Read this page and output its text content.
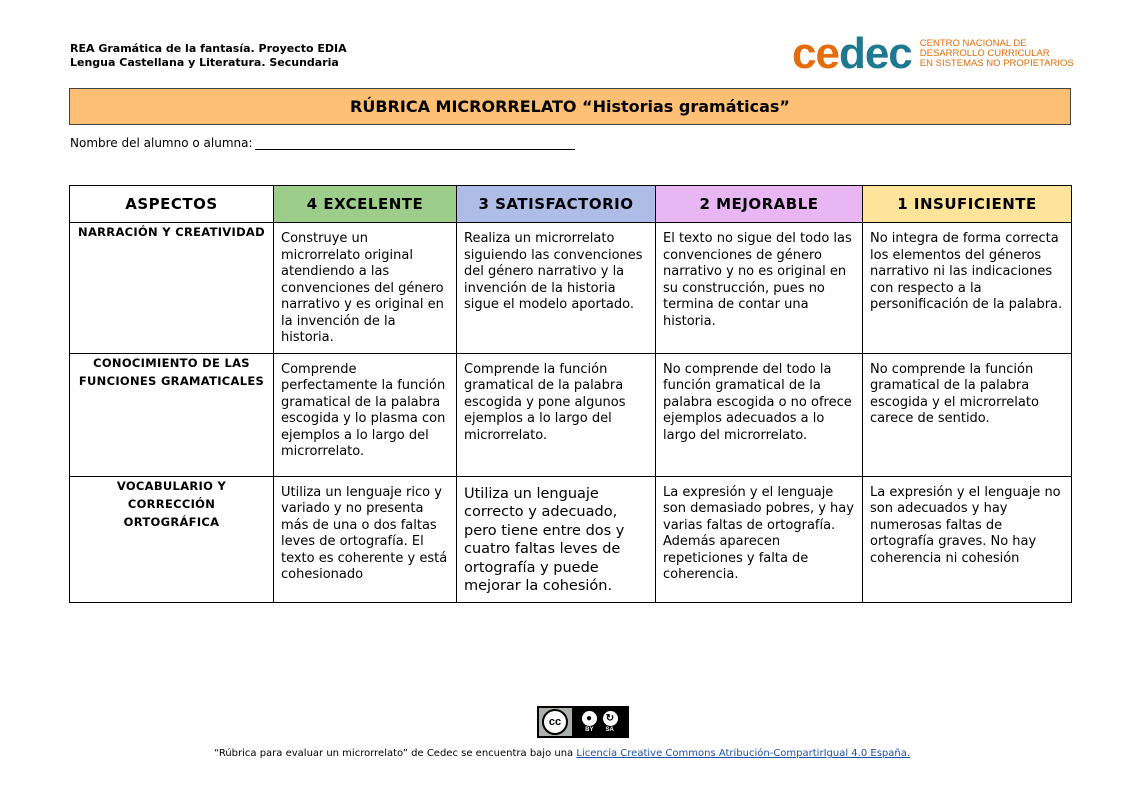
REA Gramática de la fantasía. Proyecto EDIA
Lengua Castellana y Literatura. Secundaria	cedec CENTRO NACIONAL DE
DESARROLLO CURRICULAR
EN SISTEMAS NO PROPIETARIOS
RÚBRICA MICRORRELATO “Historias gramáticas”
Nombre del alumno o alumna:
ASPECTOS	4 EXCELENTE	3 SATISFACTORIO	2 MEJORABLE	1 INSUFICIENTE
NARRACIÓN Y CREATIVIDAD	Construye un microrrelato original atendiendo a las convenciones del género narrativo y es original en la invención de la historia.	Realiza un microrrelato siguiendo las convenciones del género narrativo y la invención de la historia sigue el modelo aportado.	El texto no sigue del todo las convenciones de género narrativo y no es original en su construcción, pues no termina de contar una historia.	No integra de forma correcta los elementos del géneros narrativo ni las indicaciones con respecto a la personificación de la palabra.
CONOCIMIENTO DE LAS FUNCIONES GRAMATICALES	Comprende perfectamente la función gramatical de la palabra escogida y lo plasma con ejemplos a lo largo del microrrelato.	Comprende la función gramatical de la palabra escogida y pone algunos ejemplos a lo largo del microrrelato.	No comprende del todo la función gramatical de la palabra escogida o no ofrece ejemplos adecuados a lo largo del microrrelato.	No comprende la función gramatical de la palabra escogida y el microrrelato carece de sentido.
VOCABULARIO Y CORRECCIÓN ORTOGRÁFICA	Utiliza un lenguaje rico y variado y no presenta más de una o dos faltas leves de ortografía. El texto es coherente y está cohesionado	Utiliza un lenguaje correcto y adecuado, pero tiene entre dos y cuatro faltas leves de ortografía y puede mejorar la cohesión.	La expresión y el lenguaje son demasiado pobres, y hay varias faltas de ortografía. Además aparecen repeticiones y falta de coherencia.	La expresión y el lenguaje no son adecuados y hay numerosas faltas de ortografía graves. No hay coherencia ni cohesión
cc	●	↻
BY SA
“Rúbrica para evaluar un microrrelato” de Cedec se encuentra bajo una Licencia Creative Commons Atribución-CompartirIgual 4.0 España.
